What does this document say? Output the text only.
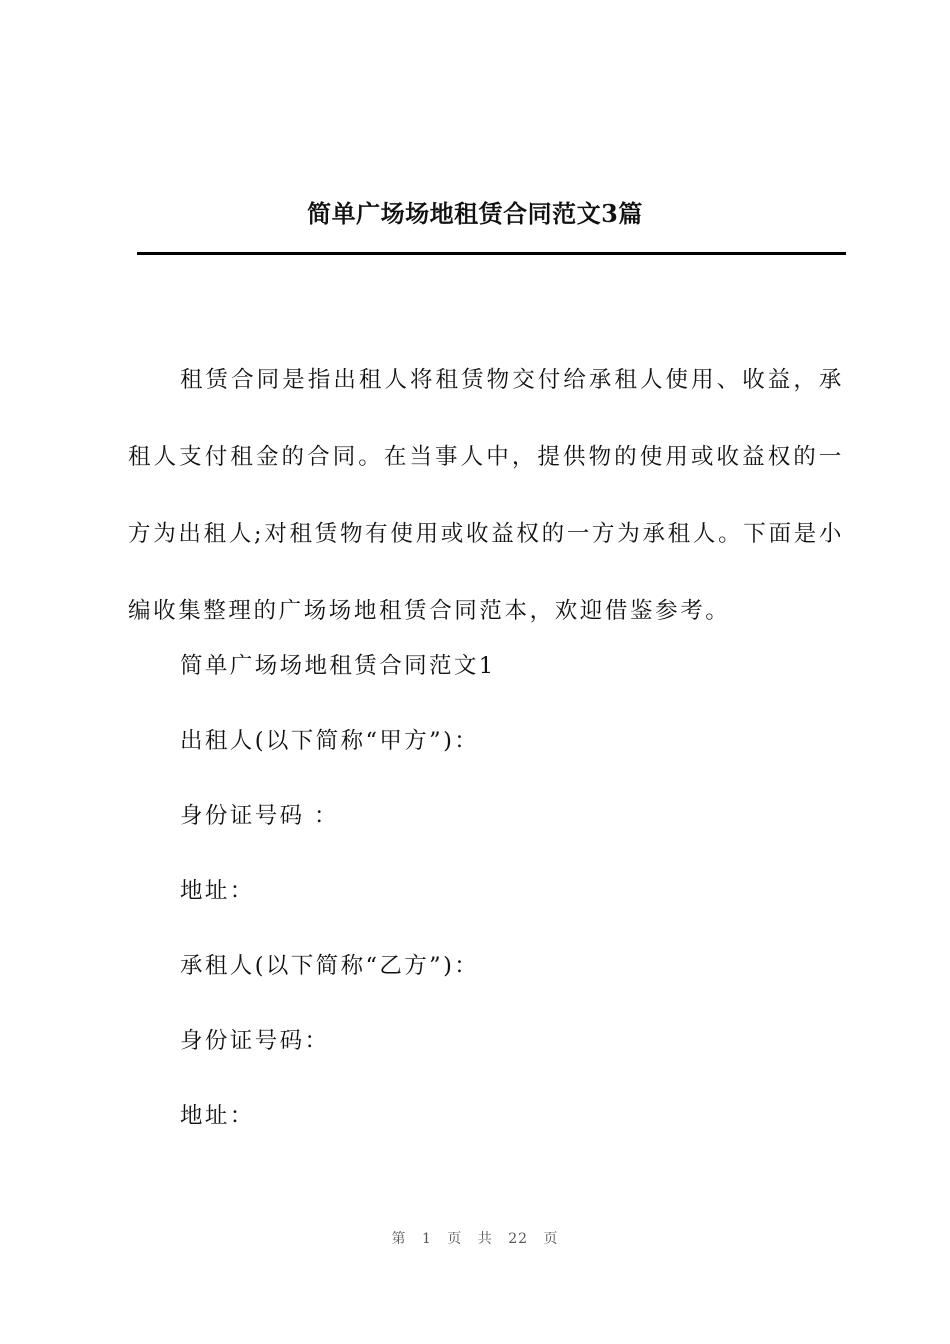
简单广场场地租赁合同范文3篇

租赁合同是指出租人将租赁物交付给承租人使用、收益，承租人支付租金的合同。在当事人中，提供物的使用或收益权的一方为出租人;对租赁物有使用或收益权的一方为承租人。下面是小编收集整理的广场场地租赁合同范本，欢迎借鉴参考。

简单广场场地租赁合同范文1
出租人(以下简称“甲方”)：
身份证号码 ：
地址：
承租人(以下简称“乙方”)：
身份证号码：
地址：
第 1 页 共 22 页
